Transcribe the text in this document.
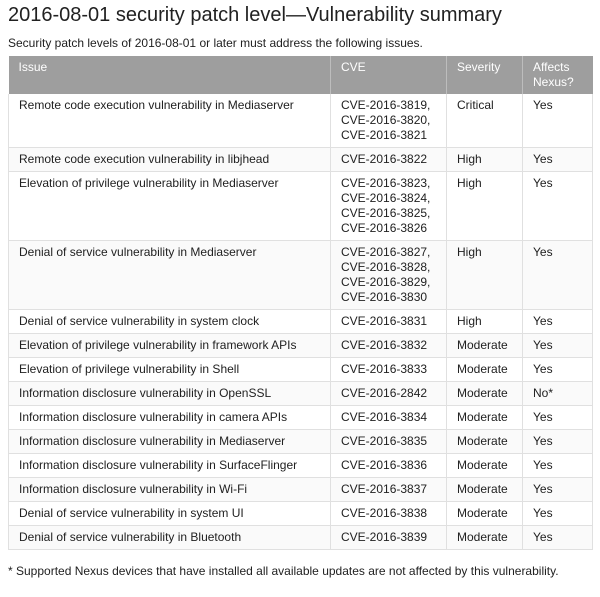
2016-08-01 security patch level—Vulnerability summary

Security patch levels of 2016-08-01 or later must address the following issues.

Issue	CVE	Severity	Affects
Nexus?
Remote code execution vulnerability in Mediaserver	CVE-2016-3819,
CVE-2016-3820,
CVE-2016-3821	Critical	Yes
Remote code execution vulnerability in libjhead	CVE-2016-3822	High	Yes
Elevation of privilege vulnerability in Mediaserver	CVE-2016-3823,
CVE-2016-3824,
CVE-2016-3825,
CVE-2016-3826	High	Yes
Denial of service vulnerability in Mediaserver	CVE-2016-3827,
CVE-2016-3828,
CVE-2016-3829,
CVE-2016-3830	High	Yes
Denial of service vulnerability in system clock	CVE-2016-3831	High	Yes
Elevation of privilege vulnerability in framework APIs	CVE-2016-3832	Moderate	Yes
Elevation of privilege vulnerability in Shell	CVE-2016-3833	Moderate	Yes
Information disclosure vulnerability in OpenSSL	CVE-2016-2842	Moderate	No*
Information disclosure vulnerability in camera APIs	CVE-2016-3834	Moderate	Yes
Information disclosure vulnerability in Mediaserver	CVE-2016-3835	Moderate	Yes
Information disclosure vulnerability in SurfaceFlinger	CVE-2016-3836	Moderate	Yes
Information disclosure vulnerability in Wi-Fi	CVE-2016-3837	Moderate	Yes
Denial of service vulnerability in system UI	CVE-2016-3838	Moderate	Yes
Denial of service vulnerability in Bluetooth	CVE-2016-3839	Moderate	Yes
* Supported Nexus devices that have installed all available updates are not affected by this vulnerability.
